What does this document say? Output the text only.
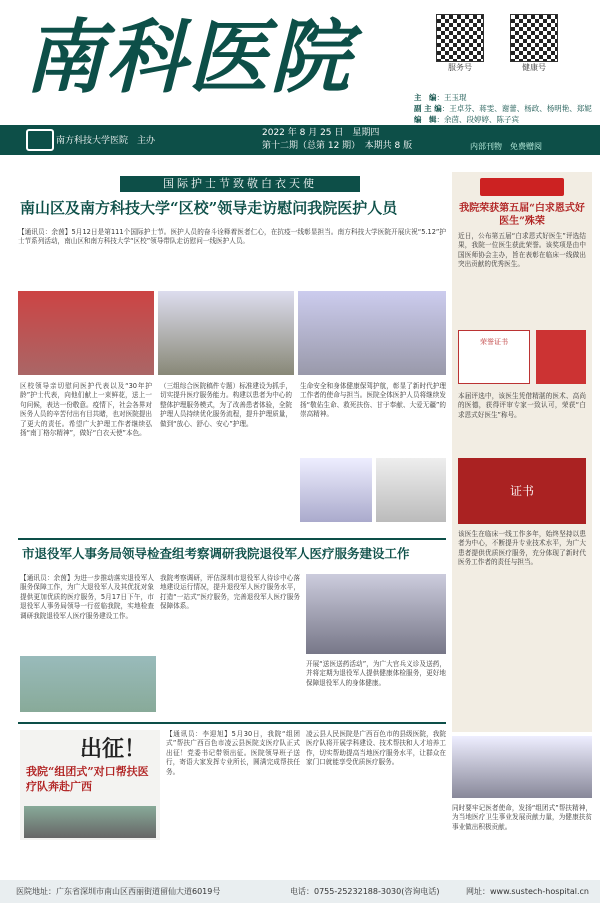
南科医院	服务号	健康号
主　编：王玉琨
副 主 编：王卓芬、蒋雯、谢蕾、杨政、杨明艳、郑妮
编　辑：余茵、段婷婷、陈子宾
南方科技大学医院　主办
2022 年 8 月 25 日　星期四
第十二期（总第 12 期）　本期共 8 版	内部刊物　免费赠阅
国际护士节致敬白衣天使
南山区及南方科技大学“区校”领导走访慰问我院医护人员
【通讯员：余茵】5月12日是第111个国际护士节。医护人员的奋斗诠释着医者仁心，在抗疫一线彰显担当。南方科技大学医院开展庆祝“5.12”护士节系列活动，南山区和南方科技大学“区校”领导带队走访慰问一线医护人员。
区校领导亲切慰问医护代表以及“30年护龄”护士代表，向他们献上一束鲜花，送上一句问候，表达一份敬意。疫情下，社会各界对医务人员的辛苦付出有目共睹，也对医院提出了更大的责任。希望广大护理工作者继续弘扬“南丁格尔精神”，做好“白衣天使”本色。
（三组综合医院稿件专题）标准建设为抓手，切实提升医疗服务能力。构建以患者为中心的整体护理服务模式，为了改善患者体验，全院护理人员持续优化服务流程，提升护理质量，做到“放心、舒心、安心”护理。
生命安全和身体健康保驾护航，彰显了新时代护理工作者的使命与担当。医院全体医护人员将继续发扬“敬佑生命、救死扶伤、甘于奉献、大爱无疆”的崇高精神。
市退役军人事务局领导检查组考察调研我院退役军人医疗服务建设工作
【通讯员：余茵】为进一步推动落实退役军人服务保障工作，为广大退役军人及其优抚对象提供更加优质的医疗服务，5月17日下午，市退役军人事务局领导一行莅临我院，实地检查调研我院退役军人医疗服务建设工作。
我院考察调研，评估深圳市退役军人待诊中心落地建设运行情况，提升退役军人医疗服务水平，打造“一站式”医疗服务，完善退役军人医疗服务保障体系。
开展“送医送药活动”，为广大官兵义诊及送药，并将定期为退役军人提供健康体检服务，更好地保障退役军人的身体健康。
出征！
我院“组团式”对口帮扶医疗队奔赴广西
【通讯员：李迎旭】5月30日，我院“组团式”帮扶广西百色市凌云县医院支医疗队正式出征！党委书记带领出征。医院领导班子送行，寄语大家发挥专业所长，圆满完成帮扶任务。
凌云县人民医院是广西百色市的县级医院，我院医疗队将开展学科建设、技术帮扶和人才培养工作，切实帮助提高当地医疗服务水平，让群众在家门口就能享受优质医疗服务。
同时要牢记医者使命，发扬“组团式”帮扶精神，为当地医疗卫生事业发展贡献力量，为健康扶贫事业做出积极贡献。
我院荣获第五届“白求恩式好医生”殊荣
近日，公布第五届“白求恩式好医生”评选结果，我院一位医生获此荣誉。该奖项是由中国医师协会主办，旨在表彰在临床一线做出突出贡献的优秀医生。
荣誉证书
本届评选中，该医生凭借精湛的医术、高尚的医德，获得评审专家一致认可，荣获“白求恩式好医生”称号。
证书
该医生在临床一线工作多年，始终坚持以患者为中心，不断提升专业技术水平，为广大患者提供优质医疗服务，充分体现了新时代医务工作者的责任与担当。
医院地址：广东省深圳市南山区西丽街道留仙大道6019号	电话：0755-25232188-3030(咨询电话)	网址：www.sustech-hospital.cn
